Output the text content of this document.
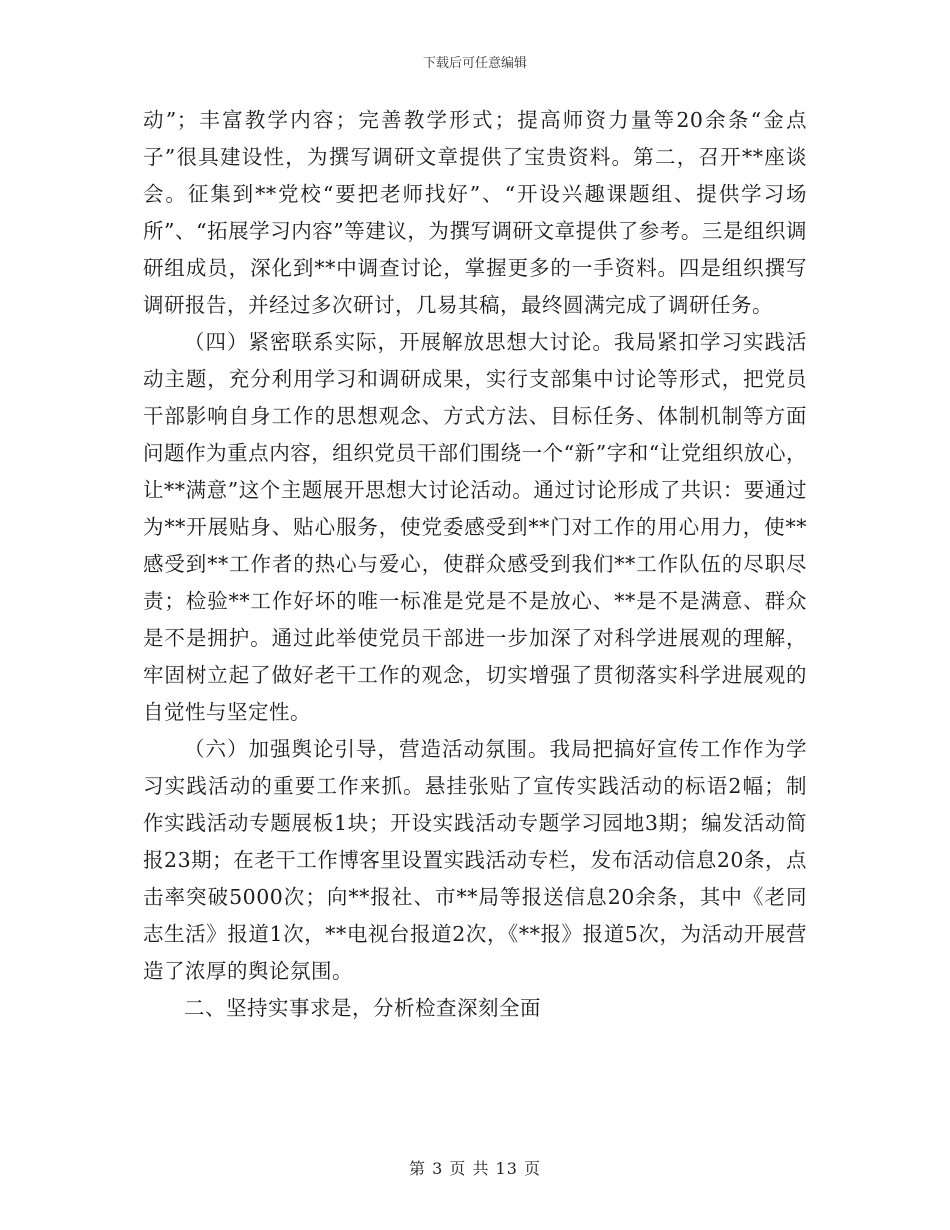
下载后可任意编辑

动”；丰富教学内容；完善教学形式；提高师资力量等20余条“金点子”很具建设性，为撰写调研文章提供了宝贵资料。第二，召开**座谈会。征集到**党校“要把老师找好”、“开设兴趣课题组、提供学习场所”、“拓展学习内容”等建议，为撰写调研文章提供了参考。三是组织调研组成员，深化到**中调查讨论，掌握更多的一手资料。四是组织撰写调研报告，并经过多次研讨，几易其稿，最终圆满完成了调研任务。

（四）紧密联系实际，开展解放思想大讨论。我局紧扣学习实践活动主题，充分利用学习和调研成果，实行支部集中讨论等形式，把党员干部影响自身工作的思想观念、方式方法、目标任务、体制机制等方面问题作为重点内容，组织党员干部们围绕一个“新”字和“让党组织放心，让**满意”这个主题展开思想大讨论活动。通过讨论形成了共识：要通过为**开展贴身、贴心服务，使党委感受到**门对工作的用心用力，使**感受到**工作者的热心与爱心，使群众感受到我们**工作队伍的尽职尽责；检验**工作好坏的唯一标准是党是不是放心、**是不是满意、群众是不是拥护。通过此举使党员干部进一步加深了对科学进展观的理解，牢固树立起了做好老干工作的观念，切实增强了贯彻落实科学进展观的自觉性与坚定性。

（六）加强舆论引导，营造活动氛围。我局把搞好宣传工作作为学习实践活动的重要工作来抓。悬挂张贴了宣传实践活动的标语2幅；制作实践活动专题展板1块；开设实践活动专题学习园地3期；编发活动简报23期；在老干工作博客里设置实践活动专栏，发布活动信息20条，点击率突破5000次；向**报社、市**局等报送信息20余条，其中《老同志生活》报道1次，**电视台报道2次，《**报》报道5次，为活动开展营造了浓厚的舆论氛围。

二、坚持实事求是，分析检查深刻全面

第 3 页 共 13 页
